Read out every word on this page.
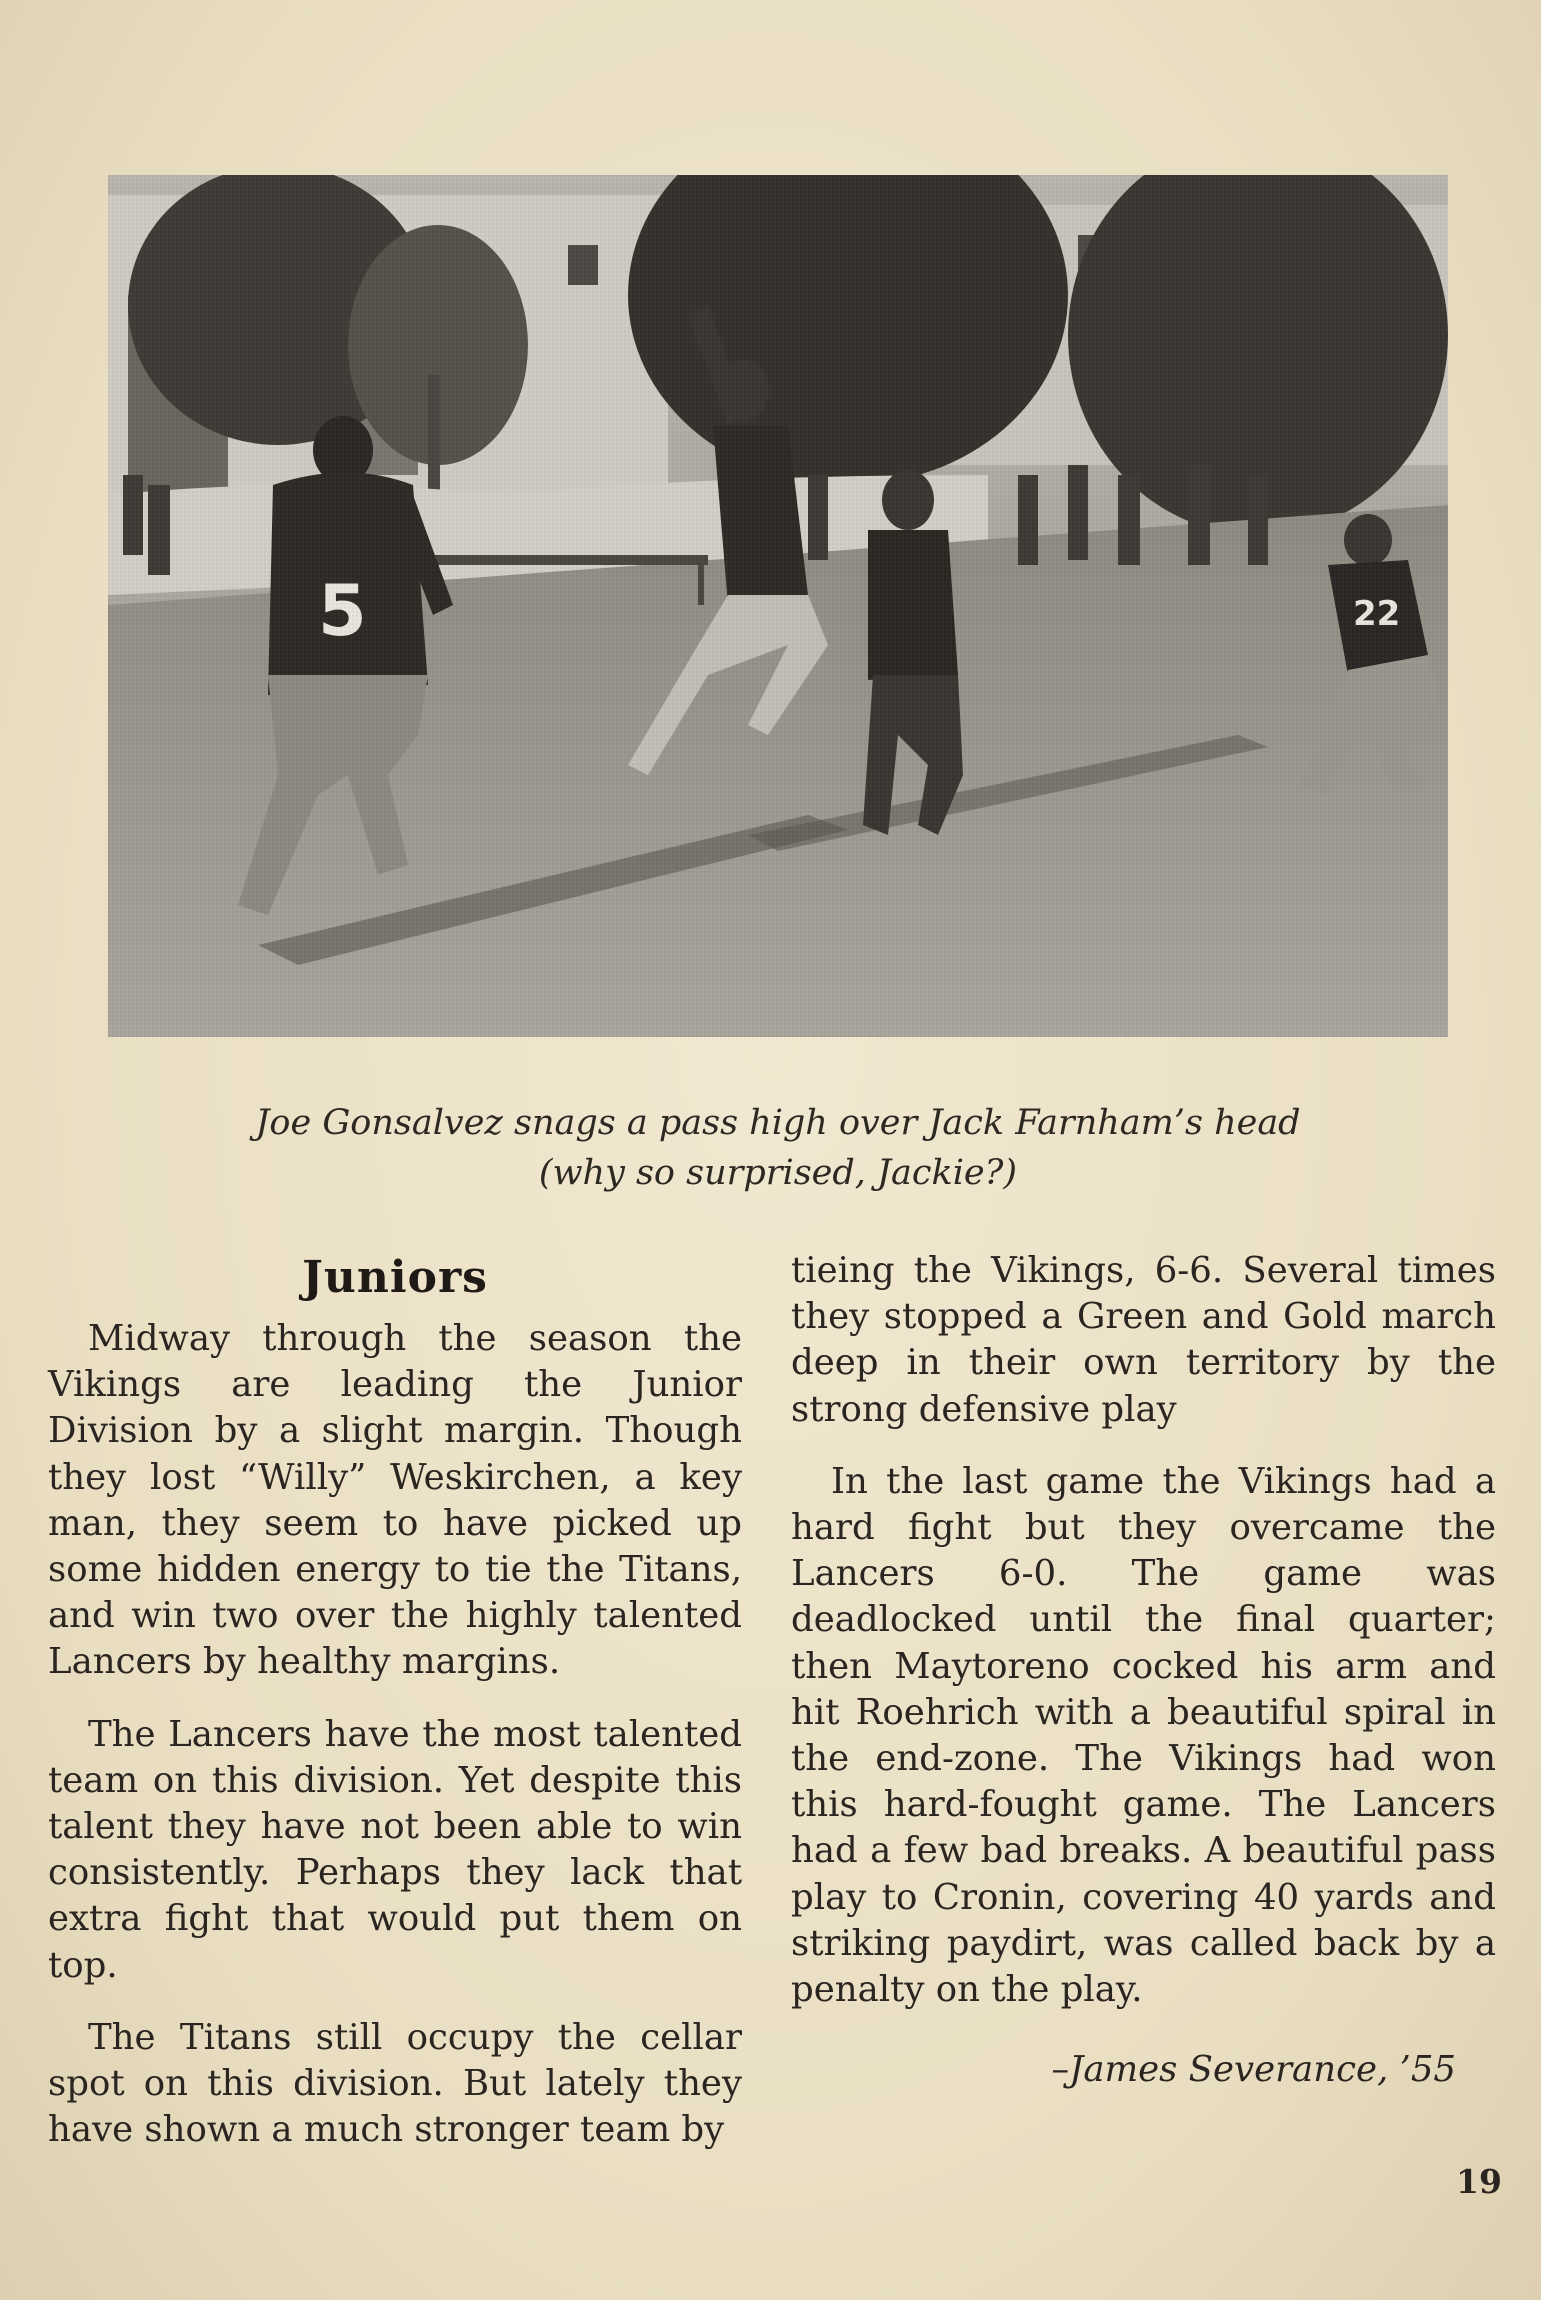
Joe Gonsalvez snags a pass high over Jack Farnham’s head
(why so surprised, Jackie?)
Juniors

Midway through the season the Vikings are leading the Junior Division by a slight margin. Though they lost “Willy” Weskirchen, a key man, they seem to have picked up some hidden energy to tie the Titans, and win two over the highly talented Lancers by healthy margins.

The Lancers have the most talented team on this division. Yet despite this talent they have not been able to win consistently. Perhaps they lack that extra fight that would put them on top.

The Titans still occupy the cellar spot on this division. But lately they have shown a much stronger team by

tieing the Vikings, 6-6. Several times they stopped a Green and Gold march deep in their own territory by the strong defensive play

In the last game the Vikings had a hard fight but they overcame the Lancers 6-0. The game was deadlocked until the final quarter; then Maytoreno cocked his arm and hit Roehrich with a beautiful spiral in the end-zone. The Vikings had won this hard-fought game. The Lancers had a few bad breaks. A beautiful pass play to Cronin, covering 40 yards and striking paydirt, was called back by a penalty on the play.

–James Severance, ’55
19
